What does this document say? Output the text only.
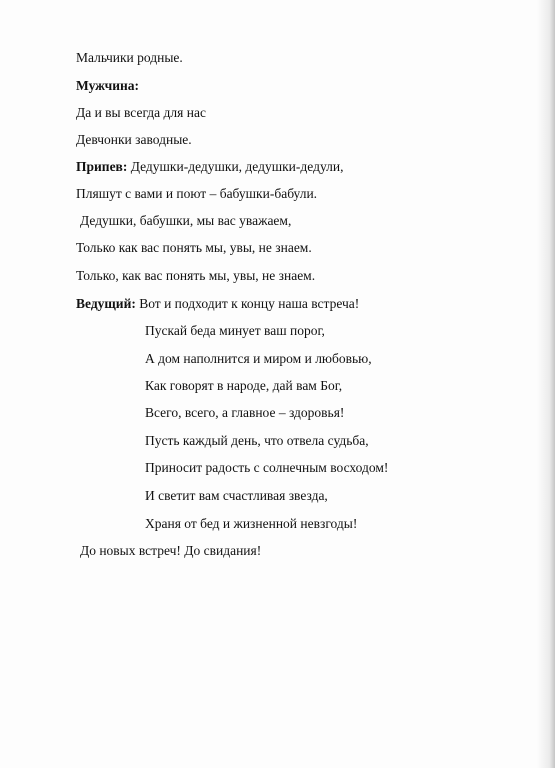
Мальчики родные.
Мужчина:
Да и вы всегда для нас
Девчонки заводные.
Припев: Дедушки-дедушки, дедушки-дедули,
Пляшут с вами и поют – бабушки-бабули.
Дедушки, бабушки, мы вас уважаем,
Только как вас понять мы, увы, не знаем.
Только, как вас понять мы, увы, не знаем.
Ведущий: Вот и подходит к концу наша встреча!
Пускай беда минует ваш порог,
А дом наполнится и миром и любовью,
Как говорят в народе, дай вам Бог,
Всего, всего, а главное – здоровья!
Пусть каждый день, что отвела судьба,
Приносит радость с солнечным восходом!
И светит вам счастливая звезда,
Храня от бед и жизненной невзгоды!
До новых встреч! До свидания!
